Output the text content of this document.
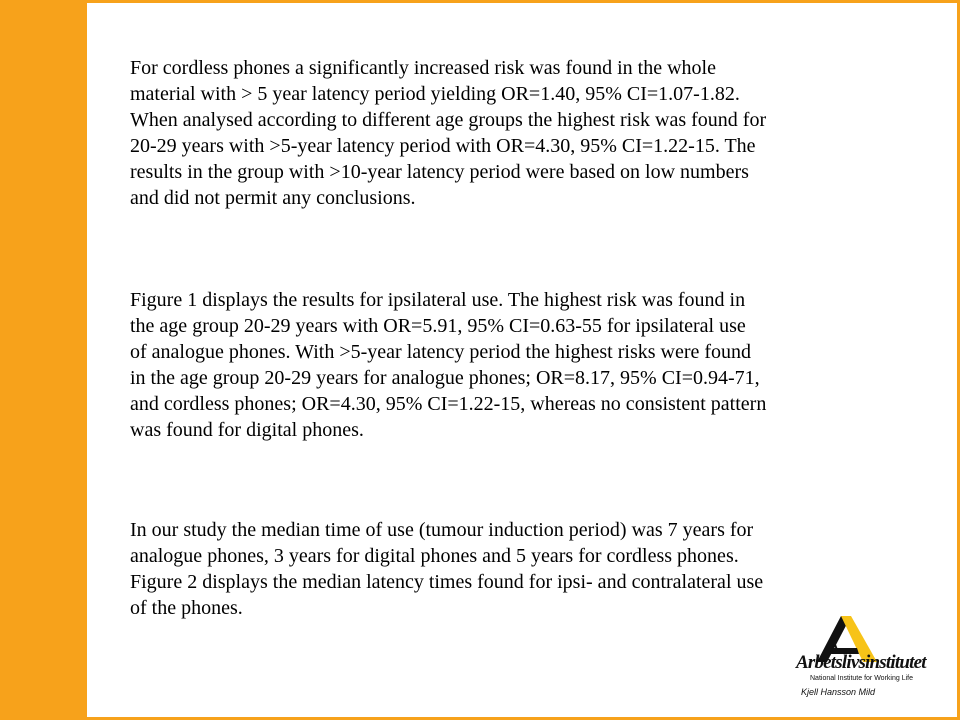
For cordless phones a significantly increased risk was found in the whole
material with > 5 year latency period yielding OR=1.40, 95% CI=1.07-1.82.
When analysed according to different age groups the highest risk was found for
20-29 years with >5-year latency period with OR=4.30, 95% CI=1.22-15. The
results in the group with >10-year latency period were based on low numbers
and did not permit any conclusions.

Figure 1 displays the results for ipsilateral use. The highest risk was found in
the age group 20-29 years with OR=5.91, 95% CI=0.63-55 for ipsilateral use
of analogue phones. With >5-year latency period the highest risks were found
in the age group 20-29 years for analogue phones; OR=8.17, 95% CI=0.94-71,
and cordless phones; OR=4.30, 95% CI=1.22-15, whereas no consistent pattern
was found for digital phones.

In our study the median time of use (tumour induction period) was 7 years for
analogue phones, 3 years for digital phones and 5 years for cordless phones.
Figure 2 displays the median latency times found for ipsi- and contralateral use
of the phones.

A
Arbetslivsinstitutet
National Institute for Working Life
Kjell Hansson Mild
